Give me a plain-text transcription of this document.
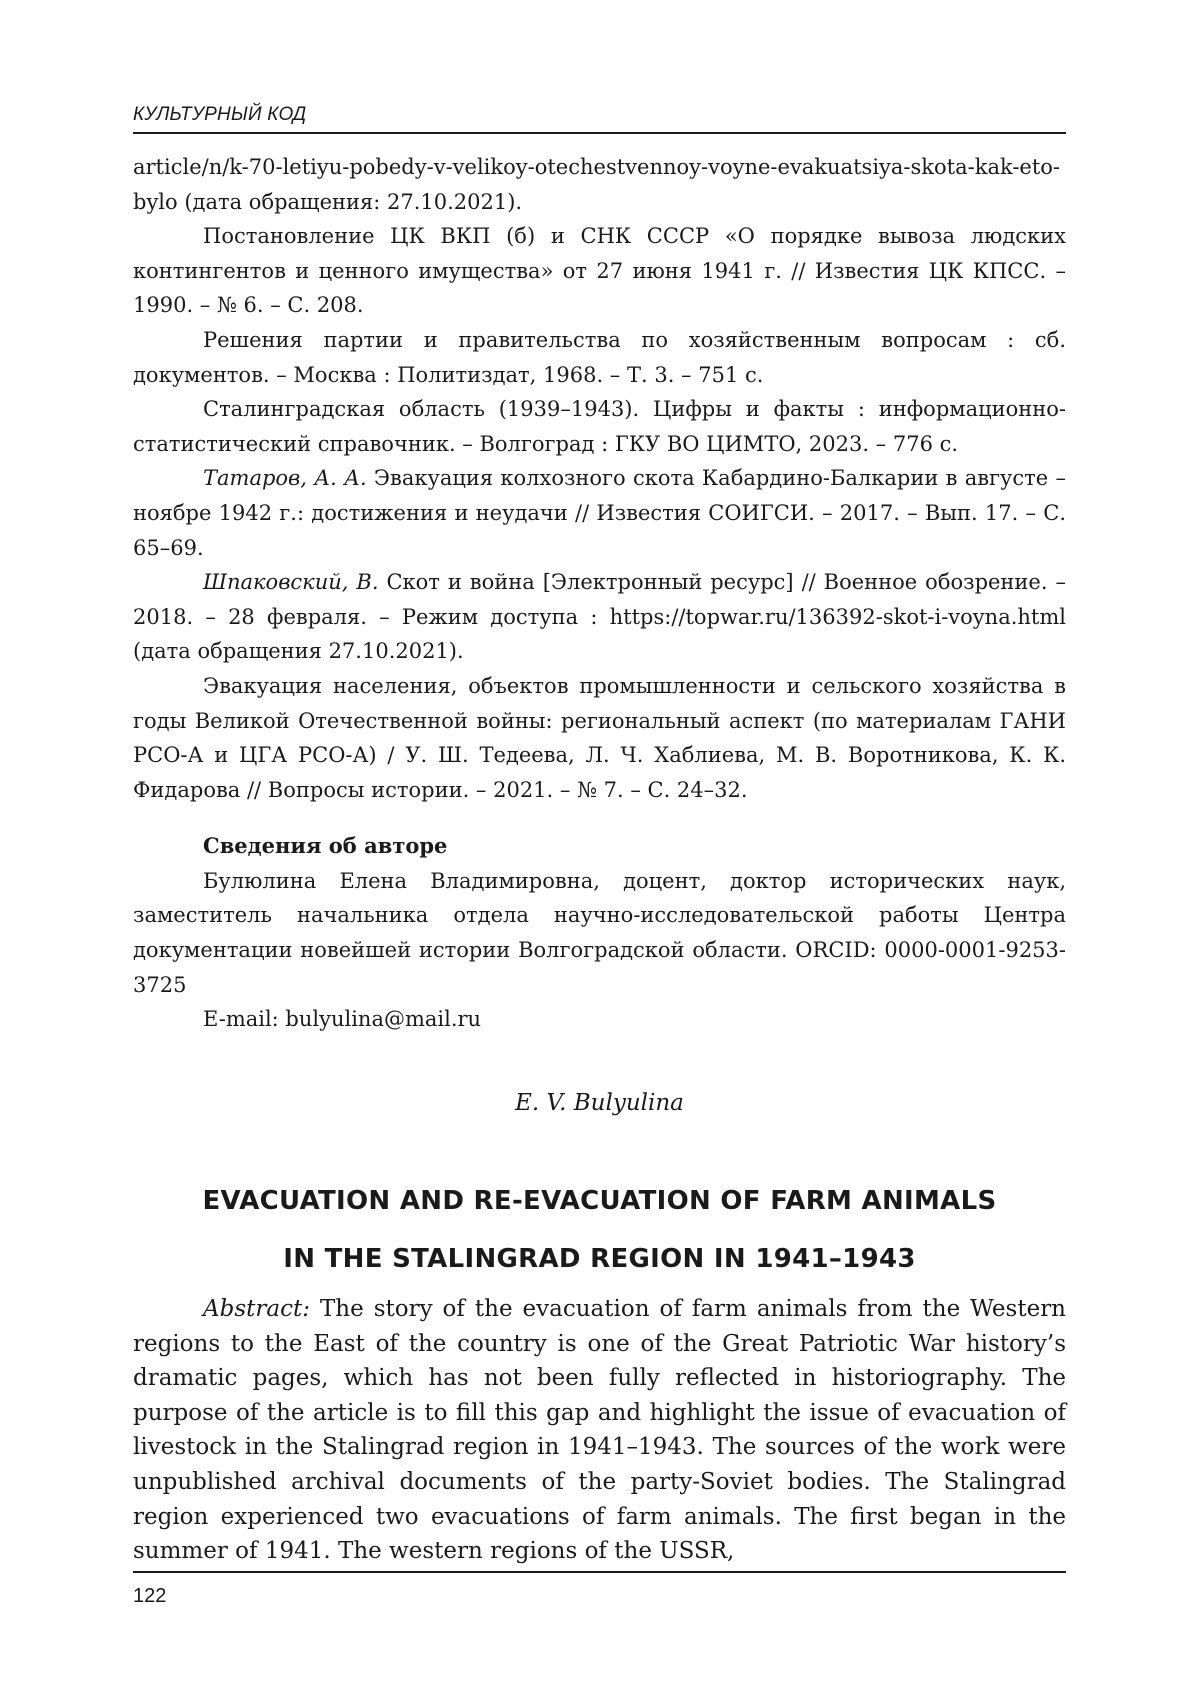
КУЛЬТУРНЫЙ КОД

article/n/k-70-letiyu-pobedy-v-velikoy-otechestvennoy-voyne-evakuatsiya-skota-kak-eto-bylo (дата обращения: 27.10.2021).

Постановление ЦК ВКП (б) и СНК СССР «О порядке вывоза людских контингентов и ценного имущества» от 27 июня 1941 г. // Известия ЦК КПСС. – 1990. – № 6. – С. 208.

Решения партии и правительства по хозяйственным вопросам : сб. документов. – Москва : Политиздат, 1968. – Т. 3. – 751 с.

Сталинградская область (1939–1943). Цифры и факты : информационно-статистический справочник. – Волгоград : ГКУ ВО ЦИМТО, 2023. – 776 с.

Татаров, А. А. Эвакуация колхозного скота Кабардино-Балкарии в августе – ноябре 1942 г.: достижения и неудачи // Известия СОИГСИ. – 2017. – Вып. 17. – С. 65–69.

Шпаковский, В. Скот и война [Электронный ресурс] // Военное обозрение. – 2018. – 28 февраля. – Режим доступа : https://topwar.ru/136392-skot-i-voyna.html (дата обращения 27.10.2021).

Эвакуация населения, объектов промышленности и сельского хозяйства в годы Великой Отечественной войны: региональный аспект (по материалам ГАНИ РСО-А и ЦГА РСО-А) / У. Ш. Тедеева, Л. Ч. Хаблиева, М. В. Воротникова, К. К. Фидарова // Вопросы истории. – 2021. – № 7. – С. 24–32.

Сведения об авторе

Булюлина Елена Владимировна, доцент, доктор исторических наук, заместитель начальника отдела научно-исследовательской работы Центра документации новейшей истории Волгоградской области. ORCID: 0000-0001-9253-3725

E-mail: bulyulina@mail.ru

E. V. Bulyulina
EVACUATION AND RE-EVACUATION OF FARM ANIMALS
IN THE STALINGRAD REGION IN 1941–1943

Abstract: The story of the evacuation of farm animals from the Western regions to the East of the country is one of the Great Patriotic War history’s dramatic pages, which has not been fully reflected in historiography. The purpose of the article is to fill this gap and highlight the issue of evacuation of livestock in the Stalingrad region in 1941–1943. The sources of the work were unpublished archival documents of the party-Soviet bodies. The Stalingrad region experienced two evacuations of farm animals. The first began in the summer of 1941. The western regions of the USSR,

122
